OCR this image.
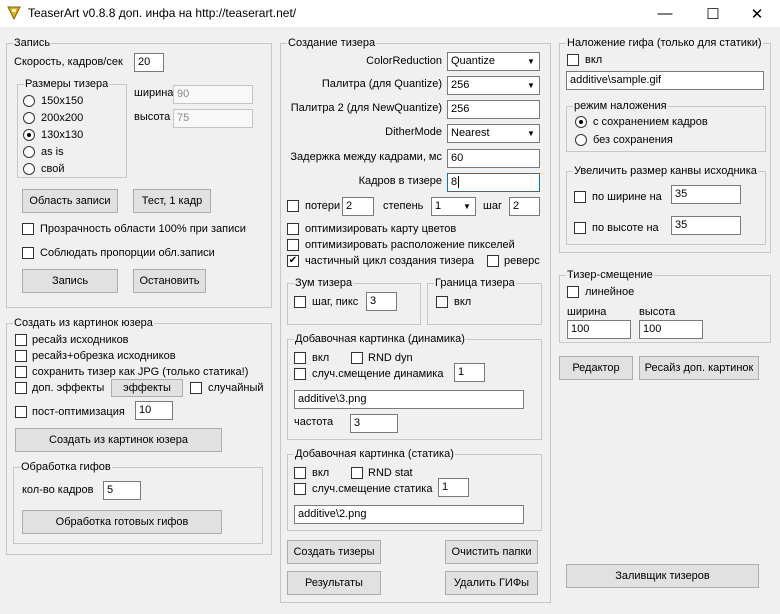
TeaserArt v0.8.8 доп. инфа на http://teaserart.net/	—	☐	✕
Запись
Скорость, кадров/сек	20
Размеры тизера
150x150
200x200
130x130
as is
свой
ширина 90
высота 75
Область записи	Тест, 1 кадр
Прозрачность области 100% при записи
Соблюдать пропорции обл.записи
Запись	Остановить
Создать из картинок юзера
ресайз исходников
ресайз+обрезка исходников
сохранить тизер как JPG (только статика!)
доп. эффекты	эффекты	случайный
пост-оптимизация	10
Создать из картинок юзера
Обработка гифов
кол-во кадров	5
Обработка готовых гифов
Создание тизера
ColorReduction Quantize	▼
Палитра (для Quantize) 256	▼
Палитра 2 (для NewQuantize) 256
DitherMode Nearest	▼
Задержка между кадрами, мс 60
Кадров в тизере 8
потери 2	степень	1	▼	шаг	2
оптимизировать карту цветов
оптимизировать расположение пикселей
✔ частичный цикл создания тизера	реверс
Зум тизера
шаг, пикс	3
Граница тизера
вкл
Добавочная картинка (динамика)
вкл	RND dyn
случ.смещение динамика	1
additive\3.png
частота	3
Добавочная картинка (статика)
вкл	RND stat
случ.смещение статика 1
additive\2.png
Создать тизеры	Очистить папки
Результаты	Удалить ГИФы
Наложение гифа (только для статики)
вкл
additive\sample.gif
режим наложения
с сохранением кадров
без сохранения
Увеличить размер канвы исходника
по ширине на	35
по высоте на	35
Тизер-смещение
линейное
ширина
100
высота
100
Редактор	Ресайз доп. картинок
Заливщик тизеров
